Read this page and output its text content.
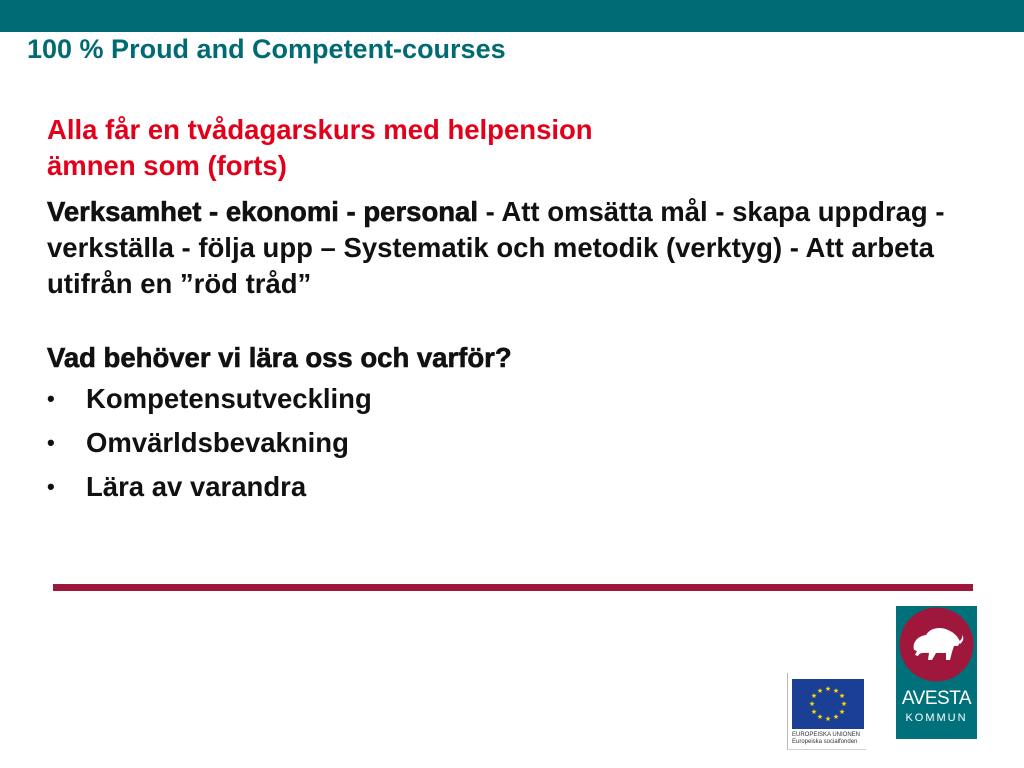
100 % Proud and Competent-courses

Alla får en tvådagarskurs med helpension
ämnen som (forts)

Verksamhet - ekonomi - personal - Att omsätta mål - skapa uppdrag - verkställa - följa upp – Systematik och metodik (verktyg) - Att arbeta utifrån en ”röd tråd”

Vad behöver vi lära oss och varför?

• Kompetensutveckling
• Omvärldsbevakning
• Lära av varandra
★ ★
★
★
★
★
★
★
★
★
★
★
EUROPEISKA UNIONEN
Europeiska socialfonden
AVESTA
KOMMUN
